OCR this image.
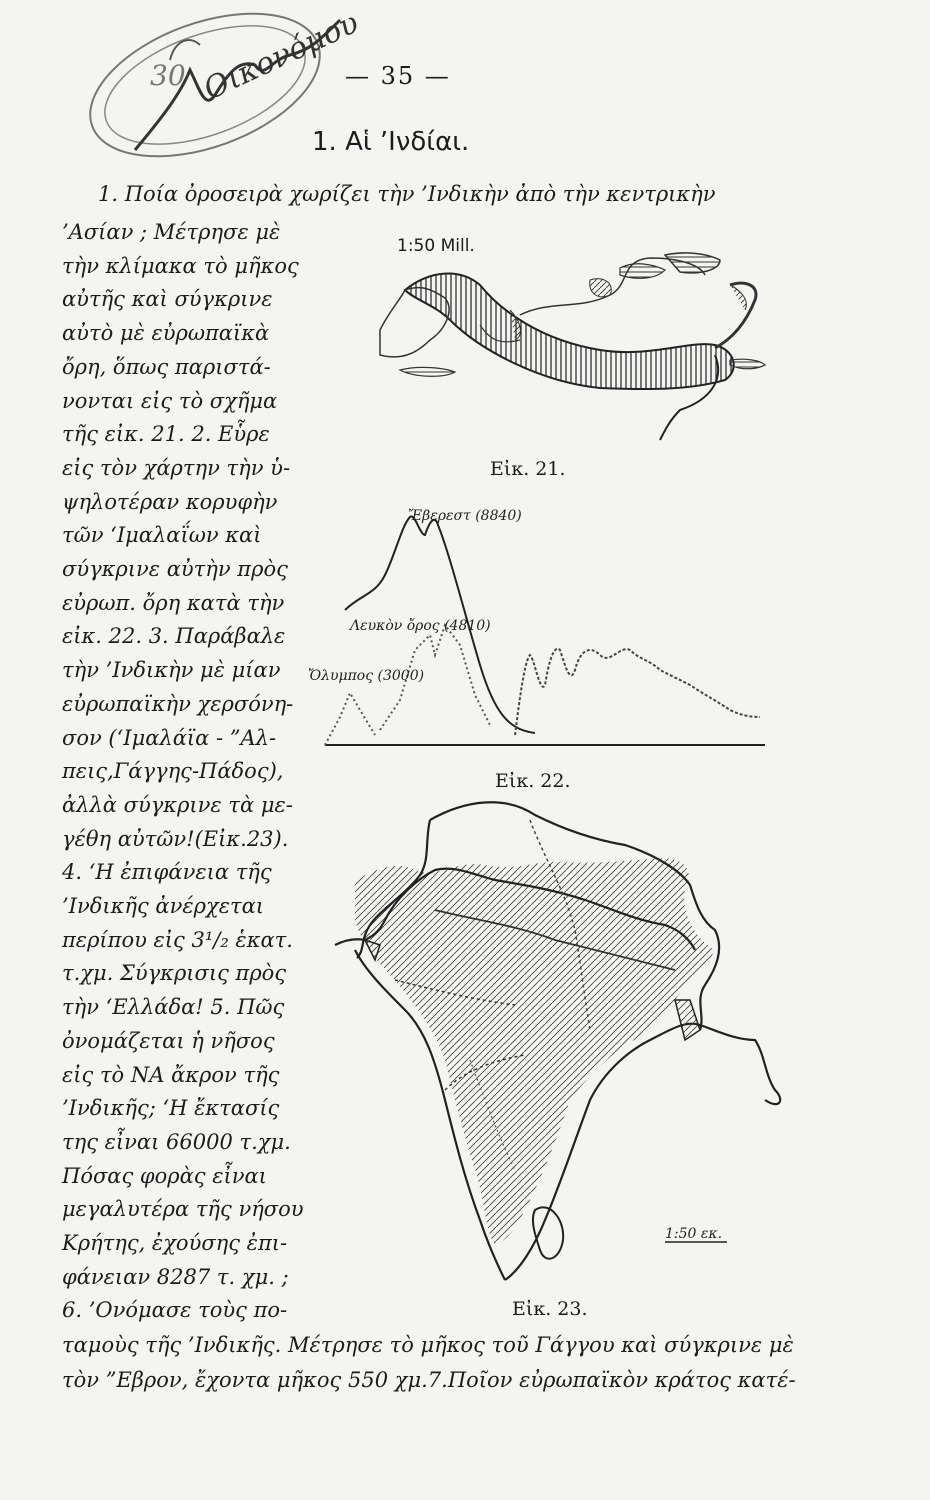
30 Οικονόμου
— 35 —
1. Αἱ ’Ινδίαι.
1. Ποία ὀροσειρὰ χωρίζει τὴν ’Ινδικὴν ἀπὸ τὴν κεντρικὴν
’Ασίαν ; Μέτρησε μὲ
τὴν κλίμακα τὸ μῆκος
αὐτῆς καὶ σύγκρινε
αὐτὸ μὲ εὐρωπαϊκὰ
ὄρη, ὅπως παριστά-
νονται εἰς τὸ σχῆμα
τῆς εἰκ. 21. 2. Εὗρε
εἰς τὸν χάρτην τὴν ὑ-
ψηλοτέραν κορυφὴν
τῶν ‘Ιμαλαΐων καὶ
σύγκρινε αὐτὴν πρὸς
εὐρωπ. ὄρη κατὰ τὴν
εἰκ. 22. 3. Παράβαλε
τὴν ’Ινδικὴν μὲ μίαν
εὐρωπαϊκὴν χερσόνη-
σον (‘Ιμαλάϊα - ”Αλ-
πεις,Γάγγης-Πάδος),
ἀλλὰ σύγκρινε τὰ με-
γέθη αὐτῶν!(Εἰκ.23).
4. ‘Η ἐπιφάνεια τῆς
’Ινδικῆς ἀνέρχεται
περίπου εἰς 3¹/₂ ἑκατ.
τ.χμ. Σύγκρισις πρὸς
τὴν ‘Ελλάδα! 5. Πῶς
ὀνομάζεται ἡ νῆσος
εἰς τὸ ΝΑ ἄκρον τῆς
’Ινδικῆς; ‘Η ἔκτασίς
της εἶναι 66000 τ.χμ.
Πόσας φορὰς εἶναι
μεγαλυτέρα τῆς νήσου
Κρήτης, ἐχούσης ἐπι-
φάνειαν 8287 τ. χμ. ;
6. ’Ονόμασε τοὺς πο-
1:50 Mill.
Εἰκ. 21.
Ἔβερεστ (8840)
Λευκὸν ὄρος (4810)
Ὄλυμπος (3000)
Εἰκ. 22.
1:50 εκ.
Εἰκ. 23.
ταμοὺς τῆς ’Ινδικῆς. Μέτρησε τὸ μῆκος τοῦ Γάγγου καὶ σύγκρινε μὲ
τὸν ”Εβρον, ἔχοντα μῆκος 550 χμ.7.Ποῖον εὐρωπαϊκὸν κράτος κατέ-
